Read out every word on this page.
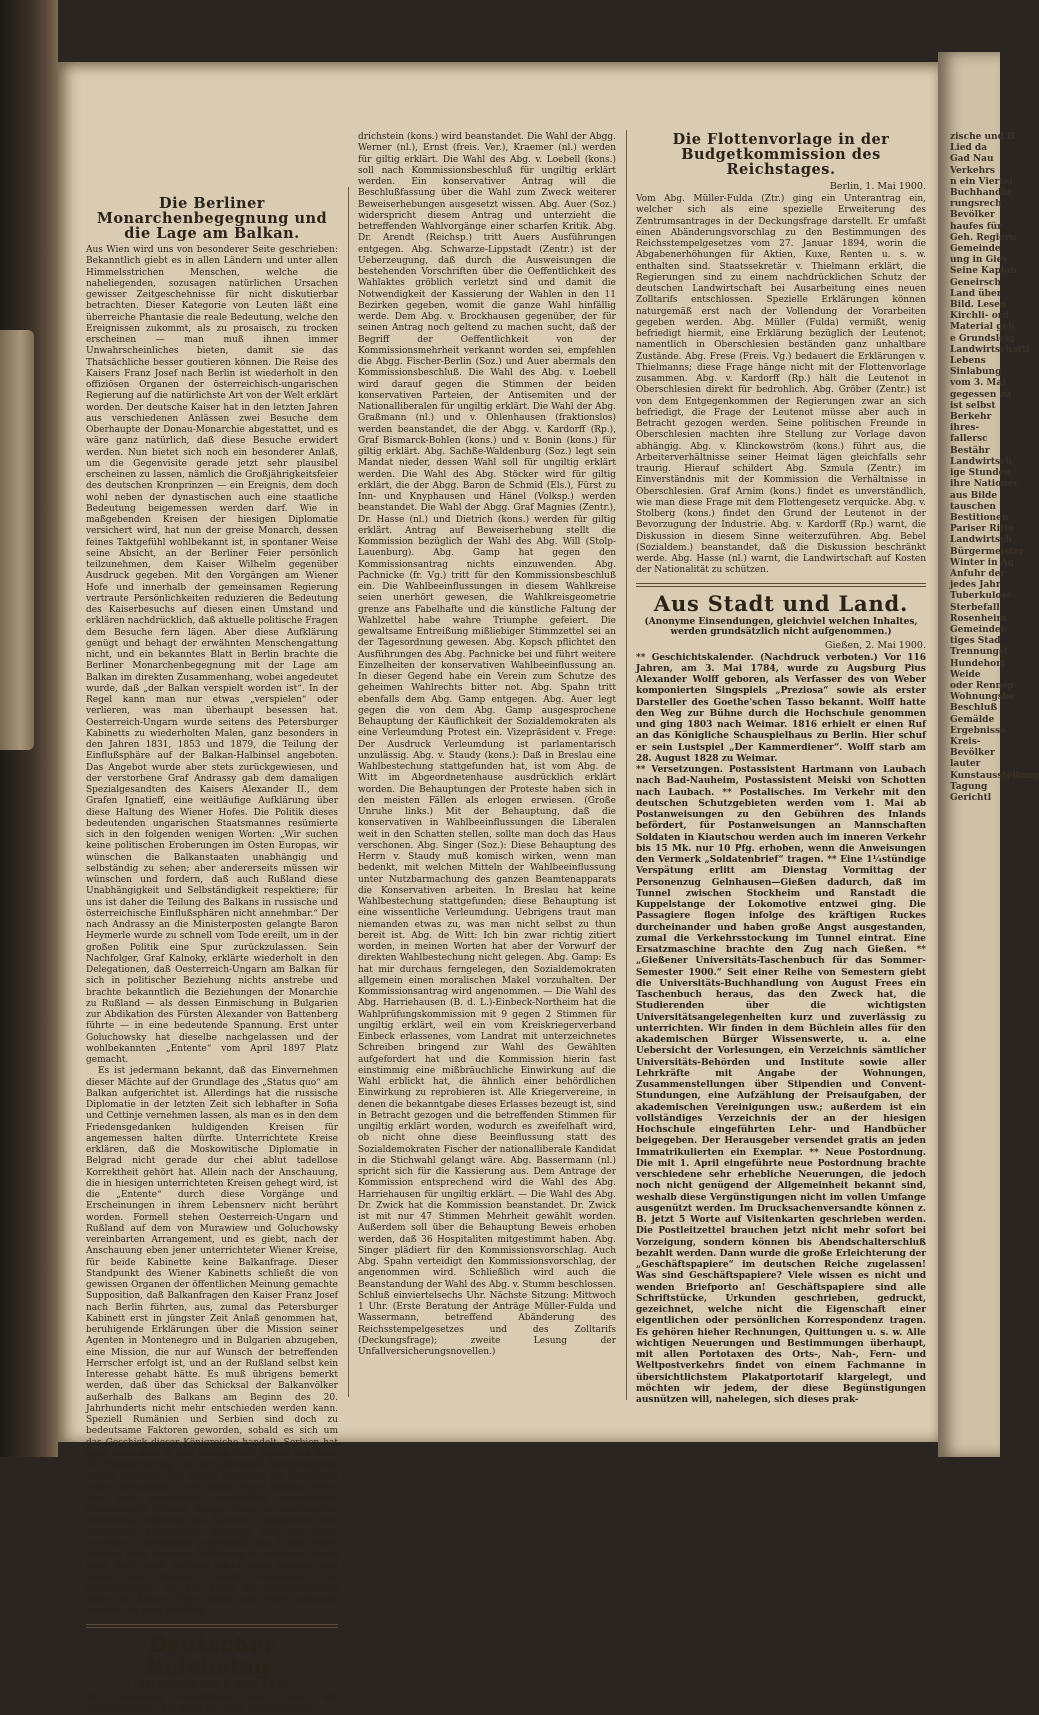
Die Berliner Monarchenbegegnung und die Lage am Balkan.
Aus Wien wird uns von besonderer Seite geschrieben: Bekanntlich giebt es in allen Ländern und unter allen Himmelsstrichen Menschen, welche die naheliegenden, sozusagen natürlichen Ursachen gewisser Zeitgeschehnisse für nicht diskutierbar betrachten. Dieser Kategorie von Leuten läßt eine überreiche Phantasie die reale Bedeutung, welche den Ereignissen zukommt, als zu prosaisch, zu trocken erscheinen — man muß ihnen immer Unwahrscheinliches bieten, damit sie das Thatsächliche besser goutieren können. Die Reise des Kaisers Franz Josef nach Berlin ist wiederholt in den offiziösen Organen der österreichisch-ungarischen Regierung auf die natürlichste Art von der Welt erklärt worden. Der deutsche Kaiser hat in den letzten Jahren aus verschiedenen Anlässen zwei Besuche dem Oberhaupte der Donau-Monarchie abgestattet, und es wäre ganz natürlich, daß diese Besuche erwidert werden. Nun bietet sich noch ein besonderer Anlaß, um die Gegenvisite gerade jetzt sehr plausibel erscheinen zu lassen, nämlich die Großjährigkeitsfeier des deutschen Kronprinzen — ein Ereignis, dem doch wohl neben der dynastischen auch eine staatliche Bedeutung beigemessen werden darf. Wie in maßgebenden Kreisen der hiesigen Diplomatie versichert wird, hat nun der greise Monarch, dessen feines Taktgefühl wohlbekannt ist, in spontaner Weise seine Absicht, an der Berliner Feier persönlich teilzunehmen, dem Kaiser Wilhelm gegenüber Ausdruck gegeben. Mit den Vorgängen am Wiener Hofe und innerhalb der gemeinsamen Regierung vertraute Persönlichkeiten reduzieren die Bedeutung des Kaiserbesuchs auf diesen einen Umstand und erklären nachdrücklich, daß aktuelle politische Fragen dem Besuche fern lägen. Aber diese Aufklärung genügt und behagt der erwähnten Menschengattung nicht, und ein bekanntes Blatt in Berlin brachte die Berliner Monarchenbegegnung mit der Lage am Balkan im direkten Zusammenhang, wobei angedeutet wurde, daß „der Balkan verspielt worden ist“. In der Regel kann man nur etwas „verspielen“ oder verlieren, was man überhaupt besessen hat. Oesterreich-Ungarn wurde seitens des Petersburger Kabinetts zu wiederholten Malen, ganz besonders in den Jahren 1831, 1853 und 1879, die Teilung der Einflußsphäre auf der Balkan-Halbinsel angeboten. Das Angebot wurde aber stets zurückgewiesen, und der verstorbene Graf Andrassy gab dem damaligen Spezialgesandten des Kaisers Alexander II., dem Grafen Ignatieff, eine weitläufige Aufklärung über diese Haltung des Wiener Hofes. Die Politik dieses bedeutenden ungarischen Staatsmannes resümierte sich in den folgenden wenigen Worten: „Wir suchen keine politischen Eroberungen im Osten Europas, wir wünschen die Balkanstaaten unabhängig und selbständig zu sehen; aber andererseits müssen wir wünschen und fordern, daß auch Rußland diese Unabhängigkeit und Selbständigkeit respektiere; für uns ist daher die Teilung des Balkans in russische und österreichische Einflußsphären nicht annehmbar.“ Der nach Andrassy an die Ministerposten gelangte Baron Heymerle wurde zu schnell vom Tode ereilt, um in der großen Politik eine Spur zurückzulassen. Sein Nachfolger, Graf Kalnoky, erklärte wiederholt in den Delegationen, daß Oesterreich-Ungarn am Balkan für sich in politischer Beziehung nichts anstrebe und brachte bekanntlich die Beziehungen der Monarchie zu Rußland — als dessen Einmischung in Bulgarien zur Abdikation des Fürsten Alexander von Battenberg führte — in eine bedeutende Spannung. Erst unter Goluchowsky hat dieselbe nachgelassen und der wohlbekannten „Entente“ vom April 1897 Platz gemacht.
Es ist jedermann bekannt, daß das Einvernehmen dieser Mächte auf der Grundlage des „Status quo“ am Balkan aufgerichtet ist. Allerdings hat die russische Diplomatie in der letzten Zeit sich lebhafter in Sofia und Cettinje vernehmen lassen, als man es in den dem Friedensgedanken huldigenden Kreisen für angemessen halten dürfte. Unterrichtete Kreise erklären, daß die Moskowitische Diplomatie in Belgrad nicht gerade dur chei ablut tadellose Korrektheit gehört hat. Allein nach der Anschauung, die in hiesigen unterrichteten Kreisen gehegt wird, ist die „Entente“ durch diese Vorgänge und Erscheinungen in ihrem Lebensnerv nicht berührt worden. Formell stehen Oesterreich-Ungarn und Rußland auf dem von Murawiew und Goluchowsky vereinbarten Arrangement, und es giebt, nach der Anschauung eben jener unterrichteter Wiener Kreise, für beide Kabinette keine Balkanfrage. Dieser Standpunkt des Wiener Kabinetts schließt die von gewissen Organen der öffentlichen Meinung gemachte Supposition, daß Balkanfragen den Kaiser Franz Josef nach Berlin führten, aus, zumal das Petersburger Kabinett erst in jüngster Zeit Anlaß genommen hat, beruhigende Erklärungen über die Mission seiner Agenten in Montenegro und in Bulgarien abzugeben, eine Mission, die nur auf Wunsch der betreffenden Herrscher erfolgt ist, und an der Rußland selbst kein Interesse gehabt hätte. Es muß übrigens bemerkt werden, daß über das Schicksal der Balkanvölker außerhalb des Balkans am Beginn des 20. Jahrhunderts nicht mehr entschieden werden kann. Speziell Rumänien und Serbien sind doch zu bedeutsame Faktoren geworden, sobald es sich um das Geschick dieser Königreiche handelt. Serbien hat ganz besonders in den letzten zwei Jahren das Werk der Regenerierung und der allseitigen Konsolidierung soweit gebracht, daß es mit Vertrauen die Gestaltung seines Schicksals in die eigene Hand nehmen kann. Eine sehr respektable, vortrefflich ausgerüstete Heeresmacht schützt dieses Staat in militärischer Beziehung, während das Kabinett Gjorgjevitch den staatlichen Organismus gefestigt und mit einer intensiven Lebenskraft ausgestattet hat. Ueber dieses Serbien nach eigenem Gutdünken zu verfügen, daran kann wohl auch Rußland nicht mehr denken, und schon aus diesem Grunde erscheinen die Kombinationen, die aus Anlaß der bevorstehenden Reise des Kaisers Franz Josef nach Berlin gemacht werden, als ganz hinfällig.
Deutscher Reichstag.
183. Sitzung vom 1. Mai. 1 Uhr.
Der Reichstag beschäftigte sich heute mit Wahlprüfungen. Die Wahl des Abg. Doenhoff-Frie-
drichstein (kons.) wird beanstandet. Die Wahl der Abgg. Werner (nl.), Ernst (freis. Ver.), Kraemer (nl.) werden für giltig erklärt. Die Wahl des Abg. v. Loebell (kons.) soll nach Kommissionsbeschluß für ungiltig erklärt werden. Ein konservativer Antrag will die Beschlußfassung über die Wahl zum Zweck weiterer Beweiserhebungen ausgesetzt wissen. Abg. Auer (Soz.) widerspricht diesem Antrag und unterzieht die betreffenden Wahlvorgänge einer scharfen Kritik. Abg. Dr. Arendt (Reichsp.) tritt Auers Ausführungen entgegen. Abg. Schwarze-Lippstadt (Zentr.) ist der Ueberzeugung, daß durch die Ausweisungen die bestehenden Vorschriften über die Oeffentlichkeit des Wahlaktes gröblich verletzt sind und damit die Notwendigkeit der Kassierung der Wahlen in den 11 Bezirken gegeben, womit die ganze Wahl hinfällig werde. Dem Abg. v. Brockhausen gegenüber, der für seinen Antrag noch geltend zu machen sucht, daß der Begriff der Oeffentlichkeit von der Kommissionsmehrheit verkannt worden sei, empfehlen die Abgg. Fischer-Berlin (Soz.) und Auer abermals den Kommissionsbeschluß. Die Wahl des Abg. v. Loebell wird darauf gegen die Stimmen der beiden konservativen Parteien, der Antisemiten und der Nationalliberalen für ungiltig erklärt. Die Wahl der Abg. Graßmann (nl.) und v. Ohlenhausen (fraktionslos) werden beanstandet, die der Abgg. v. Kardorff (Rp.), Graf Bismarck-Bohlen (kons.) und v. Bonin (kons.) für giltig erklärt. Abg. Sachße-Waldenburg (Soz.) legt sein Mandat nieder, dessen Wahl soll für ungiltig erklärt werden. Die Wahl des Abg. Stöcker wird für giltig erklärt, die der Abgg. Baron de Schmid (Els.), Fürst zu Inn- und Knyphausen und Hänel (Volksp.) werden beanstandet. Die Wahl der Abgg. Graf Magnies (Zentr.), Dr. Hasse (nl.) und Dietrich (kons.) werden für giltig erklärt. Antrag auf Beweiserhebung stellt die Kommission bezüglich der Wahl des Abg. Will (Stolp-Lauenburg). Abg. Gamp hat gegen den Kommissionsantrag nichts einzuwenden. Abg. Pachnicke (fr. Vg.) tritt für den Kommissionsbeschluß ein. Die Wahlbeeinflussungen in diesem Wahlkreise seien unerhört gewesen, die Wahlkreisgeometrie grenze ans Fabelhafte und die künstliche Faltung der Wahlzettel habe wahre Triumphe gefeiert. Die gewaltsame Entreißung mißliebiger Stimmzettel sei an der Tagesordnung gewesen. Abg. Kopsch pflichtet den Ausführungen des Abg. Pachnicke bei und führt weitere Einzelheiten der konservativen Wahlbeeinflussung an. In dieser Gegend habe ein Verein zum Schutze des geheimen Wahlrechts bitter not. Abg. Spahn tritt ebenfalls dem Abg. Gamp entgegen. Abg. Auer legt gegen die von dem Abg. Gamp ausgesprochene Behauptung der Käuflichkeit der Sozialdemokraten als eine Verleumdung Protest ein. Vizepräsident v. Frege: Der Ausdruck Verleumdung ist parlamentarisch unzulässig. Abg. v. Staudy (kons.): Daß in Breslau eine Wahlbestechung stattgefunden hat, ist vom Abg. de Witt im Abgeordnetenhause ausdrücklich erklärt worden. Die Behauptungen der Proteste haben sich in den meisten Fällen als erlogen erwiesen. (Große Unruhe links.) Mit der Behauptung, daß die konservativen in Wahlbeeinflussungen die Liberalen weit in den Schatten stellen, sollte man doch das Haus verschonen. Abg. Singer (Soz.): Diese Behauptung des Herrn v. Staudy muß komisch wirken, wenn man bedenkt, mit welchen Mitteln der Wahlbeeinflussung unter Nutzbarmachung des ganzen Beamtenapparats die Konservativen arbeiten. In Breslau hat keine Wahlbestechung stattgefunden; diese Behauptung ist eine wissentliche Verleumdung. Uebrigens traut man niemanden etwas zu, was man nicht selbst zu thun bereit ist. Abg. de Witt: Ich bin zwar richtig zitiert worden, in meinen Worten hat aber der Vorwurf der direkten Wahlbestechung nicht gelegen. Abg. Gamp: Es hat mir durchaus ferngelegen, den Sozialdemokraten allgemein einen moralischen Makel vorzuhalten. Der Kommissionsantrag wird angenommen. — Die Wahl des Abg. Harriehausen (B. d. L.)-Einbeck-Northeim hat die Wahlprüfungskommission mit 9 gegen 2 Stimmen für ungiltig erklärt, weil ein vom Kreiskriegerverband Einbeck erlassenes, vom Landrat mit unterzeichnetes Schreiben bringend zur Wahl des Gewählten aufgefordert hat und die Kommission hierin fast einstimmig eine mißbräuchliche Einwirkung auf die Wahl erblickt hat, die ähnlich einer behördlichen Einwirkung zu reprobieren ist. Alle Kriegervereine, in denen die bekanntgabe dieses Erlasses bezeugt ist, sind in Betracht gezogen und die betreffenden Stimmen für ungiltig erklärt worden, wodurch es zweifelhaft wird, ob nicht ohne diese Beeinflussung statt des Sozialdemokraten Fischer der nationalliberale Kandidat in die Stichwahl gelangt wäre. Abg. Bassermann (nl.) spricht sich für die Kassierung aus. Dem Antrage der Kommission entsprechend wird die Wahl des Abg. Harriehausen für ungiltig erklärt. — Die Wahl des Abg. Dr. Zwick hat die Kommission beanstandet. Dr. Zwick ist mit nur 47 Stimmen Mehrheit gewählt worden. Außerdem soll über die Behauptung Beweis erhoben werden, daß 36 Hospitaliten mitgestimmt haben. Abg. Singer plädiert für den Kommissionsvorschlag. Auch Abg. Spahn verteidigt den Kommissionsvorschlag, der angenommen wird. Schließlich wird auch die Beanstandung der Wahl des Abg. v. Stumm beschlossen. Schluß einviertelsechs Uhr. Nächste Sitzung: Mittwoch 1 Uhr. (Erste Beratung der Anträge Müller-Fulda und Wassermann, betreffend Abänderung des Reichsstempelgesetzes und des Zolltarifs (Deckungsfrage); zweite Lesung der Unfallversicherungsnovellen.)
Die Flottenvorlage in der Budgetkommission des Reichstages.
Berlin, 1. Mai 1900.
Vom Abg. Müller-Fulda (Ztr.) ging ein Unterantrag ein, welcher sich als eine spezielle Erweiterung des Zentrumsantrages in der Deckungsfrage darstellt. Er umfaßt einen Abänderungsvorschlag zu den Bestimmungen des Reichsstempelgesetzes vom 27. Januar 1894, worin die Abgabenerhöhungen für Aktien, Kuxe, Renten u. s. w. enthalten sind. Staatssekretär v. Thielmann erklärt, die Regierungen sind zu einem nachdrücklichen Schutz der deutschen Landwirtschaft bei Ausarbeitung eines neuen Zolltarifs entschlossen. Spezielle Erklärungen können naturgemäß erst nach der Vollendung der Vorarbeiten gegeben werden. Abg. Müller (Fulda) vermißt, wenig befriedigt hiermit, eine Erklärung bezüglich der Leutenot; namentlich in Oberschlesien beständen ganz unhaltbare Zustände. Abg. Frese (Freis. Vg.) bedauert die Erklärungen v. Thielmanns; diese Frage hänge nicht mit der Flottenvorlage zusammen. Abg. v. Kardorff (Rp.) hält die Leutenot in Oberschlesien direkt für bedrohlich. Abg. Gröber (Zentr.) ist von dem Entgegenkommen der Regierungen zwar an sich befriedigt, die Frage der Leutenot müsse aber auch in Betracht gezogen werden. Seine politischen Freunde in Oberschlesien machten ihre Stellung zur Vorlage davon abhängig. Abg. v. Klinckowström (kons.) führt aus, die Arbeiterverhältnisse seiner Heimat lägen gleichfalls sehr traurig. Hierauf schildert Abg. Szmula (Zentr.) im Einverständnis mit der Kommission die Verhältnisse in Oberschlesien. Graf Arnim (kons.) findet es unverständlich, wie man diese Frage mit dem Flottengesetz verquicke. Abg. v. Stolberg (kons.) findet den Grund der Leutenot in der Bevorzugung der Industrie. Abg. v. Kardorff (Rp.) warnt, die Diskussion in diesem Sinne weiterzuführen. Abg. Bebel (Sozialdem.) beanstandet, daß die Diskussion beschränkt werde. Abg. Hasse (nl.) warnt, die Landwirtschaft auf Kosten der Nationalität zu schützen.
Aus Stadt und Land.
(Anonyme Einsendungen, gleichviel welchen Inhaltes, werden grundsätzlich nicht aufgenommen.)
Gießen, 2. Mai 1900.
** Geschichtskalender. (Nachdruck verboten.) Vor 116 Jahren, am 3. Mai 1784, wurde zu Augsburg Pius Alexander Wolff geboren, als Verfasser des von Weber komponierten Singspiels „Preziosa“ sowie als erster Darsteller des Goethe'schen Tasso bekannt. Wolff hatte den Weg zur Bühne durch die Hochschule genommen und ging 1803 nach Weimar. 1816 erhielt er einen Ruf an das Königliche Schauspielhaus zu Berlin. Hier schuf er sein Lustspiel „Der Kammerdiener“. Wolff starb am 28. August 1828 zu Weimar.
** Versetzungen. Postassistent Hartmann von Laubach nach Bad-Nauheim, Postassistent Meiski von Schotten nach Laubach. ** Postalisches. Im Verkehr mit den deutschen Schutzgebieten werden vom 1. Mai ab Postanweisungen zu den Gebühren des Inlands befördert, für Postanweisungen an Mannschaften Soldaten in Kiautschou werden auch im inneren Verkehr bis 15 Mk. nur 10 Pfg. erhoben, wenn die Anweisungen den Vermerk „Soldatenbrief“ tragen. ** Eine 1¼stündige Verspätung erlitt am Dienstag Vormittag der Personenzug Gelnhausen—Gießen dadurch, daß im Tunnel zwischen Stockheim und Ranstadt die Kuppelstange der Lokomotive entzwei ging. Die Passagiere flogen infolge des kräftigen Ruckes durcheinander und haben große Angst ausgestanden, zumal die Verkehrsstockung im Tunnel eintrat. Eine Ersatzmaschine brachte den Zug nach Gießen. ** „Gießener Universitäts-Taschenbuch für das Sommer-Semester 1900.“ Seit einer Reihe von Semestern giebt die Universitäts-Buchhandlung von August Frees ein Taschenbuch heraus, das den Zweck hat, die Studierenden über die wichtigsten Universitätsangelegenheiten kurz und zuverlässig zu unterrichten. Wir finden in dem Büchlein alles für den akademischen Bürger Wissenswerte, u. a. eine Uebersicht der Vorlesungen, ein Verzeichnis sämtlicher Universitäts-Behörden und Institute sowie aller Lehrkräfte mit Angabe der Wohnungen, Zusammenstellungen über Stipendien und Convent-Stundungen, eine Aufzählung der Preisaufgaben, der akademischen Vereinigungen usw.; außerdem ist ein vollständiges Verzeichnis der an der hiesigen Hochschule eingeführten Lehr- und Handbücher beigegeben. Der Herausgeber versendet gratis an jeden Immatrikulierten ein Exemplar. ** Neue Postordnung. Die mit 1. April eingeführte neue Postordnung brachte verschiedene sehr erhebliche Neuerungen, die jedoch noch nicht genügend der Allgemeinheit bekannt sind, weshalb diese Vergünstigungen nicht im vollen Umfange ausgenützt werden. Im Drucksachenversandte können z. B. jetzt 5 Worte auf Visitenkarten geschrieben werden. Die Postleitzettel brauchen jetzt nicht mehr sofort bei Vorzeigung, sondern können bis Abendschalterschluß bezahlt werden. Dann wurde die große Erleichterung der „Geschäftspapiere“ im deutschen Reiche zugelassen! Was sind Geschäftspapiere? Viele wissen es nicht und wenden Briefporto an! Geschäftspapiere sind alle Schriftstücke, Urkunden geschrieben, gedruckt, gezeichnet, welche nicht die Eigenschaft einer eigentlichen oder persönlichen Korrespondenz tragen. Es gehören hieher Rechnungen, Quittungen u. s. w. Alle wichtigen Neuerungen und Bestimmungen überhaupt, mit allen Portotaxen des Orts-, Nah-, Fern- und Weltpostverkehrs findet von einem Fachmanne in übersichtlichstem Plakatportotarif klargelegt, und möchten wir jedem, der diese Begünstigungen ausnützen will, nahelegen, sich dieses prak-
zische und B
Lied da
Gad Nau
Verkehrs
n ein Viertel
Buchhandlu
rungsrech
Bevölker
haufes für
Geh. Regieru
Gemeinde
ung in Gies
Seine Kaplan
Geneirsch
Land über
Bild. Lesen
Kirchli- ord
Material geh
e Grundsleig
Landwirtschaftl
Lebens
Sinlabung
vom 3. Mai
gegessen zu
ist selbst
Berkehr
ihres-
fallersc
Bestähr
Landwirtsch
ige Stunden
ihre Nationer
aus Bilde
tauschen
Bestitionen
Pariser Ritte
Landwirtsch
Bürgermeister
Winter in Ag
Anfuhr der
jedes Jahr
Tuberkulose
Sterbefall
Rosenheim
Gemeindeb
tiges Stad
Trennungsl
Hundehort
Weide
oder Rennsp
Wohnungsbe
Beschluß
Gemälde
Ergebnisse
Kreis-
Bevölker
lauter
Kunstausstellung
Tagung
Gerichtl
